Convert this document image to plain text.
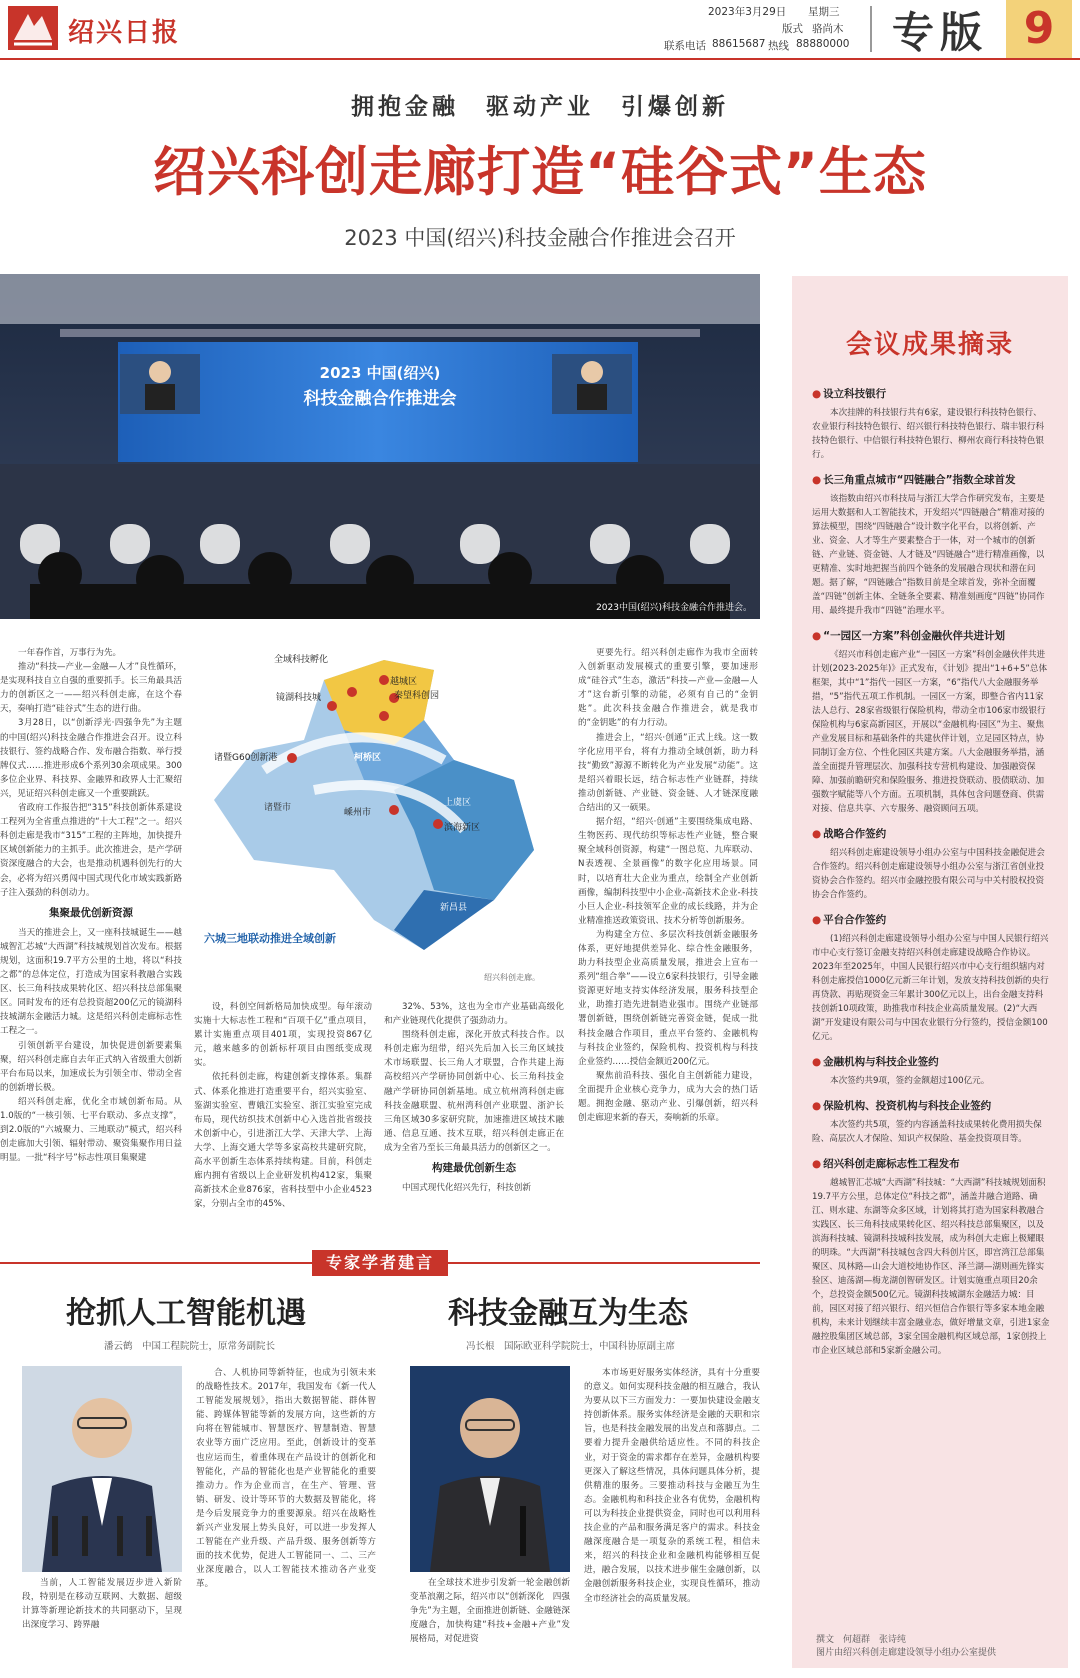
绍兴日报
2023年3月29日 星期三
版式 骆尚木
联系电话 88615687 热线 88880000 专版 9
拥抱金融　驱动产业　引爆创新
绍兴科创走廊打造“硅谷式”生态
2023 中国(绍兴)科技金融合作推进会召开
2023 中国(绍兴)
科技金融合作推进会
2023中国(绍兴)科技金融合作推进会。
会议成果摘录
● 设立科技银行
本次挂牌的科技银行共有6家，建设银行科技特色银行、农业银行科技特色银行、绍兴银行科技特色银行、瑞丰银行科技特色银行、中信银行科技特色银行、柳州农商行科技特色银行。
● 长三角重点城市“四链融合”指数全球首发
该指数由绍兴市科技局与浙江大学合作研究发布，主要是运用大数据和人工智能技术，开发绍兴“四链融合”精准对接的算法模型，围绕“四链融合”设计数字化平台，以将创新、产业、资金、人才等生产要素整合于一体，对一个城市的创新链、产业链、资金链、人才链及“四链融合”进行精准画像，以更精准、实时地把握当前四个链条的发展融合现状和潜在问题。据了解，“四链融合”指数目前是全球首发，弥补全面覆盖“四链”创新主体、全链条全要素、精准刻画度“四链”协同作用、最终提升我市“四链”治理水平。
● “一园区一方案”科创金融伙伴共进计划
《绍兴市科创走廊产业“一园区一方案”科创金融伙伴共进计划(2023-2025年)》正式发布，《计划》提出“1+6+5”总体框架，其中“1”指代一园区一方案，“6”指代八大金融服务举措，“5”指代五项工作机制。一园区一方案，即整合省内11家法人总行、28家省级银行保险机构，带动全市106家市级银行保险机构与6家高新园区，开展以“金融机构·园区”为主、聚焦产业发展目标和基础条件的共建伙伴计划，立足园区特点，协同制订金方位、个性化园区共建方案。八大金融服务举措，涵盖全面提升管理层次、加强科技专营机构建设、加强融资保障、加强前瞻研究和保险服务、推进投贷联动、股债联动、加强数字赋能等八个方面。五项机制，具体包含问题登商、供需对接、信息共享、六专服务、融资顾问五项。
● 战略合作签约
绍兴科创走廊建设领导小组办公室与中国科技金融促进会合作签约。绍兴科创走廊建设领导小组办公室与浙江省创业投资协会合作签约。绍兴市金融控股有限公司与中关村股权投资协会合作签约。
● 平台合作签约
(1)绍兴科创走廊建设领导小组办公室与中国人民银行绍兴市中心支行签订金融支持绍兴科创走廊建设战略合作协议。2023年至2025年，中国人民银行绍兴市中心支行组织辖内对科创走廊授信1000亿元新三年计划，发放支持科技创新的央行再贷款、再贴现资金三年累计300亿元以上，出台金融支持科技创新10项政策，助推我市科技企业高质量发展。(2)“大西湖”开发建设有限公司与中国农业银行分行签约，授信金额100亿元。
● 金融机构与科技企业签约
本次签约共9项，签约金额超过100亿元。
● 保险机构、投资机构与科技企业签约
本次签约共5项，签约内容涵盖科技成果转化费用损失保险、高层次人才保险、知识产权保险、基金投资项目等。
● 绍兴科创走廊标志性工程发布
越城智汇芯城“大西湖”科技城：“大西湖”科技城规划面积19.7平方公里，总体定位“科技之都”，涵盖井融合道路、确江、则水建、东湖等众多区域，计划将其打造为国家科教融合实践区、长三角科技成果转化区、绍兴科技总部集聚区，以及滨海科技城、镜湖科技城科技发展，成为科创大走廊上极耀眼的明珠。“大西湖”科技城包含四大科创片区，即宫湾江总部集聚区、凤林路—山会大道校地协作区、泽兰湖—湖则画先锋实验区、迪荡湖—梅龙湖创智研发区。计划实施重点项目20余个，总投资金额500亿元。镜湖科技城湖东金融活力城：目前，园区对接了绍兴银行、绍兴恒信合作银行等多家本地金融机构，未来计划继续丰富金融业态，做好增量文章，引进1家金融控股集团区域总部，3家全国金融机构区域总部，1家创投上市企业区域总部和5家新金融公司。
撰文　何超群　张诗纯
图片由绍兴科创走廊建设领导小组办公室提供

一年春作首，万事行为先。

推动“科技—产业—金融—人才”良性循环，是实现科技自立自强的重要抓手。长三角最具活力的创新区之一——绍兴科创走廊，在这个春天，奏响打造“硅谷式”生态的进行曲。

3月28日，以“创新浮光·四强争先”为主题的中国(绍兴)科技金融合作推进会召开。设立科技银行、签约战略合作、发布融合指数、举行授牌仪式……推进形成6个系列30余项成果。300多位企业界、科技界、金融界和政界人士汇聚绍兴，见证绍兴科创走廊又一个重要跳跃。

省政府工作报告把“315”科技创新体系建设工程列为全省重点推进的“十大工程”之一。绍兴科创走廊是我市“315”工程的主阵地，加快提升区域创新能力的主抓手。此次推进会，是产学研资深度融合的大会，也是推动机遇科创先行的大会，必将为绍兴勇闯中国式现代化市域实践新路子注入强劲的科创动力。

集聚最优创新资源

当天的推进会上，又一座科技城诞生——越城智汇芯城“大西湖”科技城规划首次发布。根据规划，这面积19.7平方公里的土地，将以“科技之都”的总体定位，打造成为国家科教融合实践区、长三角科技成果转化区、绍兴科技总部集聚区。同时发布的还有总投资超200亿元的镜湖科技城湖东金融活力城。这是绍兴科创走廊标志性工程之一。

引领创新平台建设，加快促进创新要素集聚，绍兴科创走廊自去年正式纳入省级重大创新平台布局以来，加速成长为引领全市、带动全省的创新增长极。

绍兴科创走廊，优化全市域创新布局。从1.0版的“一核引领、七平台联动、多点支撑”，到2.0版的“六城聚力、三地联动”模式，绍兴科创走廊加大引领、辐射带动、聚资集聚作用日益明显。一批“科字号”标志性项目集聚建

全域科技孵化
镜湖科技城	秦望科创园
柯桥区
诸暨G60创新港
诸暨市
越城区
上虞区
嵊州市
滨海新区
新昌县
六城三地联动推进全域创新
绍兴科创走廊。

设，科创空间新格局加快成型。每年滚动实施十大标志性工程和“百项千亿”重点项目，累计实施重点项目401项，实现投资867亿元，越来越多的创新标杆项目由图纸变成现实。

依托科创走廊，构建创新支撑体系。集群式、体系化推进打造重要平台，绍兴实验室、鉴湖实验室、曹娥江实验室、浙江实验室完成布局，现代纺织技术创新中心入选首批省级技术创新中心，引进浙江大学、天津大学、上海大学、上海交通大学等多家高校共建研究院，高水平创新生态体系持续构建。目前，科创走廊内拥有省级以上企业研发机构412家，集聚高新技术企业876家，省科技型中小企业4523家，分别占全市的45%、

32%、53%，这也为全市产业基础高级化和产业链现代化提供了强劲动力。

围绕科创走廊，深化开放式科技合作。以科创走廊为纽带，绍兴先后加入长三角区域技术市场联盟、长三角人才联盟，合作共建上海高校绍兴产学研协同创新中心、长三角科技金融产学研协同创新基地。成立杭州湾科创走廊科技金融联盟、杭州湾科创产业联盟、浙沪长三角区域30多家研究院，加速推进区域技术融通、信息互通、技术互联，绍兴科创走廊正在成为全省乃至长三角最具活力的创新区之一。

构建最优创新生态

中国式现代化绍兴先行，科技创新

更要先行。绍兴科创走廊作为我市全面转入创新驱动发展模式的重要引擎，要加速形成“硅谷式”生态，激活“科技—产业—金融—人才”这台新引擎的动能，必须有自己的“金钥匙”。此次科技金融合作推进会，就是我市的“金钥匙”的有力行动。

推进会上，“绍兴·创通”正式上线。这一数字化应用平台，将有力推动全域创新，助力科技“勤致”源源不断转化为产业发展“动能”。这是绍兴着眼长远，结合标志性产业链群，持续推动创新链、产业链、资金链、人才链深度融合结出的又一硕果。

据介绍，“绍兴·创通”主要围绕集成电路、生物医药、现代纺织等标志性产业链，整合聚聚全域科创资源，构建“一图总览、九库联动、N表透视、全景画像”的数字化应用场景。同时，以培育壮大企业为重点，绘制全产业创新画像，编制科技型中小企业-高新技术企业-科技小巨人企业-科技领军企业的成长线路，并为企业精准推送政策资讯、技术分析等创新服务。

为构建全方位、多层次科技创新金融服务体系，更好地提供差异化、综合性金融服务，助力科技型企业高质量发展，推进会上宣布一系列“组合拳”——设立6家科技银行，引导金融资源更好地支持实体经济发展，服务科技型企业，助推打造先进制造业强市。围绕产业链部署创新链，围绕创新链完善资金链，促成一批科技金融合作项目，重点平台签约、金融机构与科技企业签约，保险机构、投资机构与科技企业签约……授信金额近200亿元。

聚焦前沿科技、强化自主创新能力建设，全面提升企业核心竞争力，成为大会的热门话题。拥抱金融、驱动产业、引爆创新，绍兴科创走廊迎来新的春天，奏响新的乐章。

专家学者建言
抢抓人工智能机遇
潘云鹤　中国工程院院士，原常务副院长

当前，人工智能发展迈步进入新阶段，特别是在移动互联网、大数据、超级计算等新理论新技术的共同驱动下，呈现出深度学习、跨界融

合、人机协同等新特征，也成为引领未来的战略性技术。2017年，我国发布《新一代人工智能发展规划》，指出大数据智能、群体智能、跨媒体智能等新的发展方向，这些新的方向将在智能城市、智慧医疗、智慧制造、智慧农业等方面广泛应用。至此，创新设计的变革也应运而生，着重体现在产品设计的创新化和智能化，产品的智能化也是产业智能化的重要推动力。作为企业而言，在生产、管理、营销、研发、设计等环节的大数据及智能化，将是今后发展竞争力的重要源泉。绍兴在战略性新兴产业发展上势头良好，可以进一步发挥人工智能在产业升级、产品升级、服务创新等方面的技术优势，促进人工智能同一、二、三产业深度融合，以人工智能技术推动各产业变革。

科技金融互为生态
冯长根　国际欧亚科学院院士，中国科协原副主席

在全球技术进步引发新一轮金融创新变革浪潮之际，绍兴市以“创新深化　四强争先”为主题，全面推进创新链、金融链深度融合，加快构建“科技+金融+产业”发展格局，对促进资

本市场更好服务实体经济，具有十分重要的意义。如何实现科技金融的相互融合，我认为要从以下三方面发力：一要加快建设金融支持创新体系。服务实体经济是金融的天职和宗旨，也是科技金融发展的出发点和落脚点。二要着力提升金融供给适应性。不同的科技企业，对于资金的需求都存在差异，金融机构要更深入了解这些情况，具体问题具体分析，提供精准的服务。三要推动科技与金融互为生态。金融机构和科技企业各有优势，金融机构可以为科技企业提供资金，同时也可以利用科技企业的产品和服务满足客户的需求。科技金融深度融合是一项复杂的系统工程，相信未来，绍兴的科技企业和金融机构能够相互促进，融合发展，以技术进步催生金融创新，以金融创新服务科技企业，实现良性循环，推动全市经济社会的高质量发展。
